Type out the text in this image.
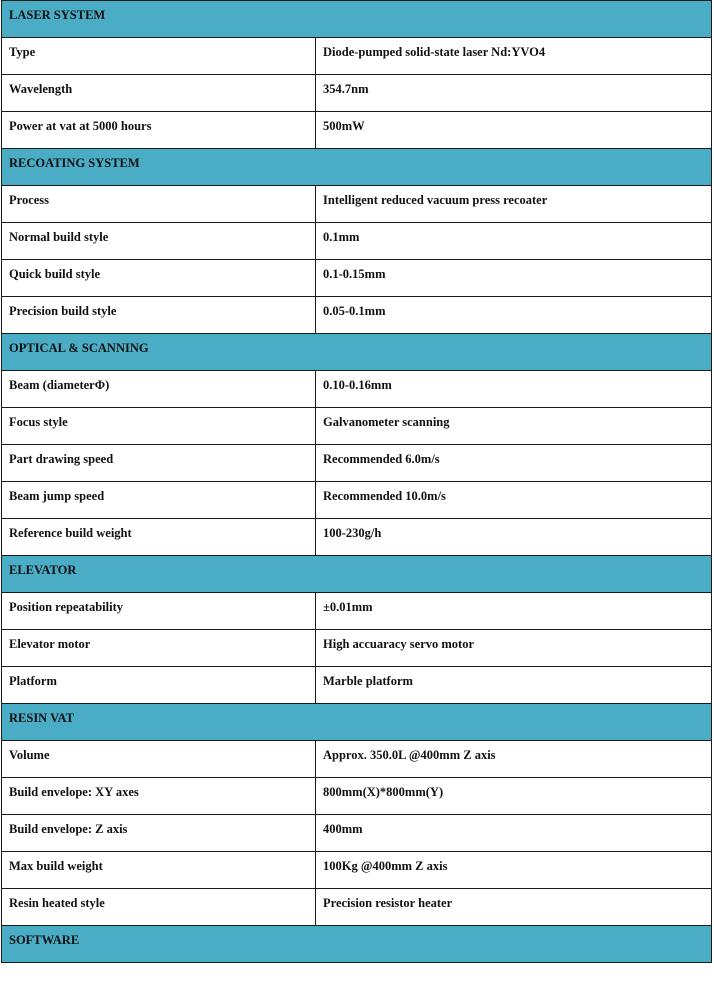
LASER SYSTEM	
Type	Diode-pumped solid-state laser Nd:YVO4
Wavelength	354.7nm
Power at vat at 5000 hours	500mW
RECOATING SYSTEM	
Process	Intelligent reduced vacuum press recoater
Normal build style	0.1mm
Quick build style	0.1-0.15mm
Precision build style	0.05-0.1mm
OPTICAL & SCANNING	
Beam (diameterΦ)	0.10-0.16mm
Focus style	Galvanometer scanning
Part drawing speed	Recommended 6.0m/s
Beam jump speed	Recommended 10.0m/s
Reference build weight	100-230g/h
ELEVATOR	
Position repeatability	±0.01mm
Elevator motor	High accuaracy servo motor
Platform	Marble platform
RESIN VAT	
Volume	Approx. 350.0L @400mm Z axis
Build envelope: XY axes	800mm(X)*800mm(Y)
Build envelope: Z axis	400mm
Max build weight	100Kg @400mm Z axis
Resin heated style	Precision resistor heater
SOFTWARE	
